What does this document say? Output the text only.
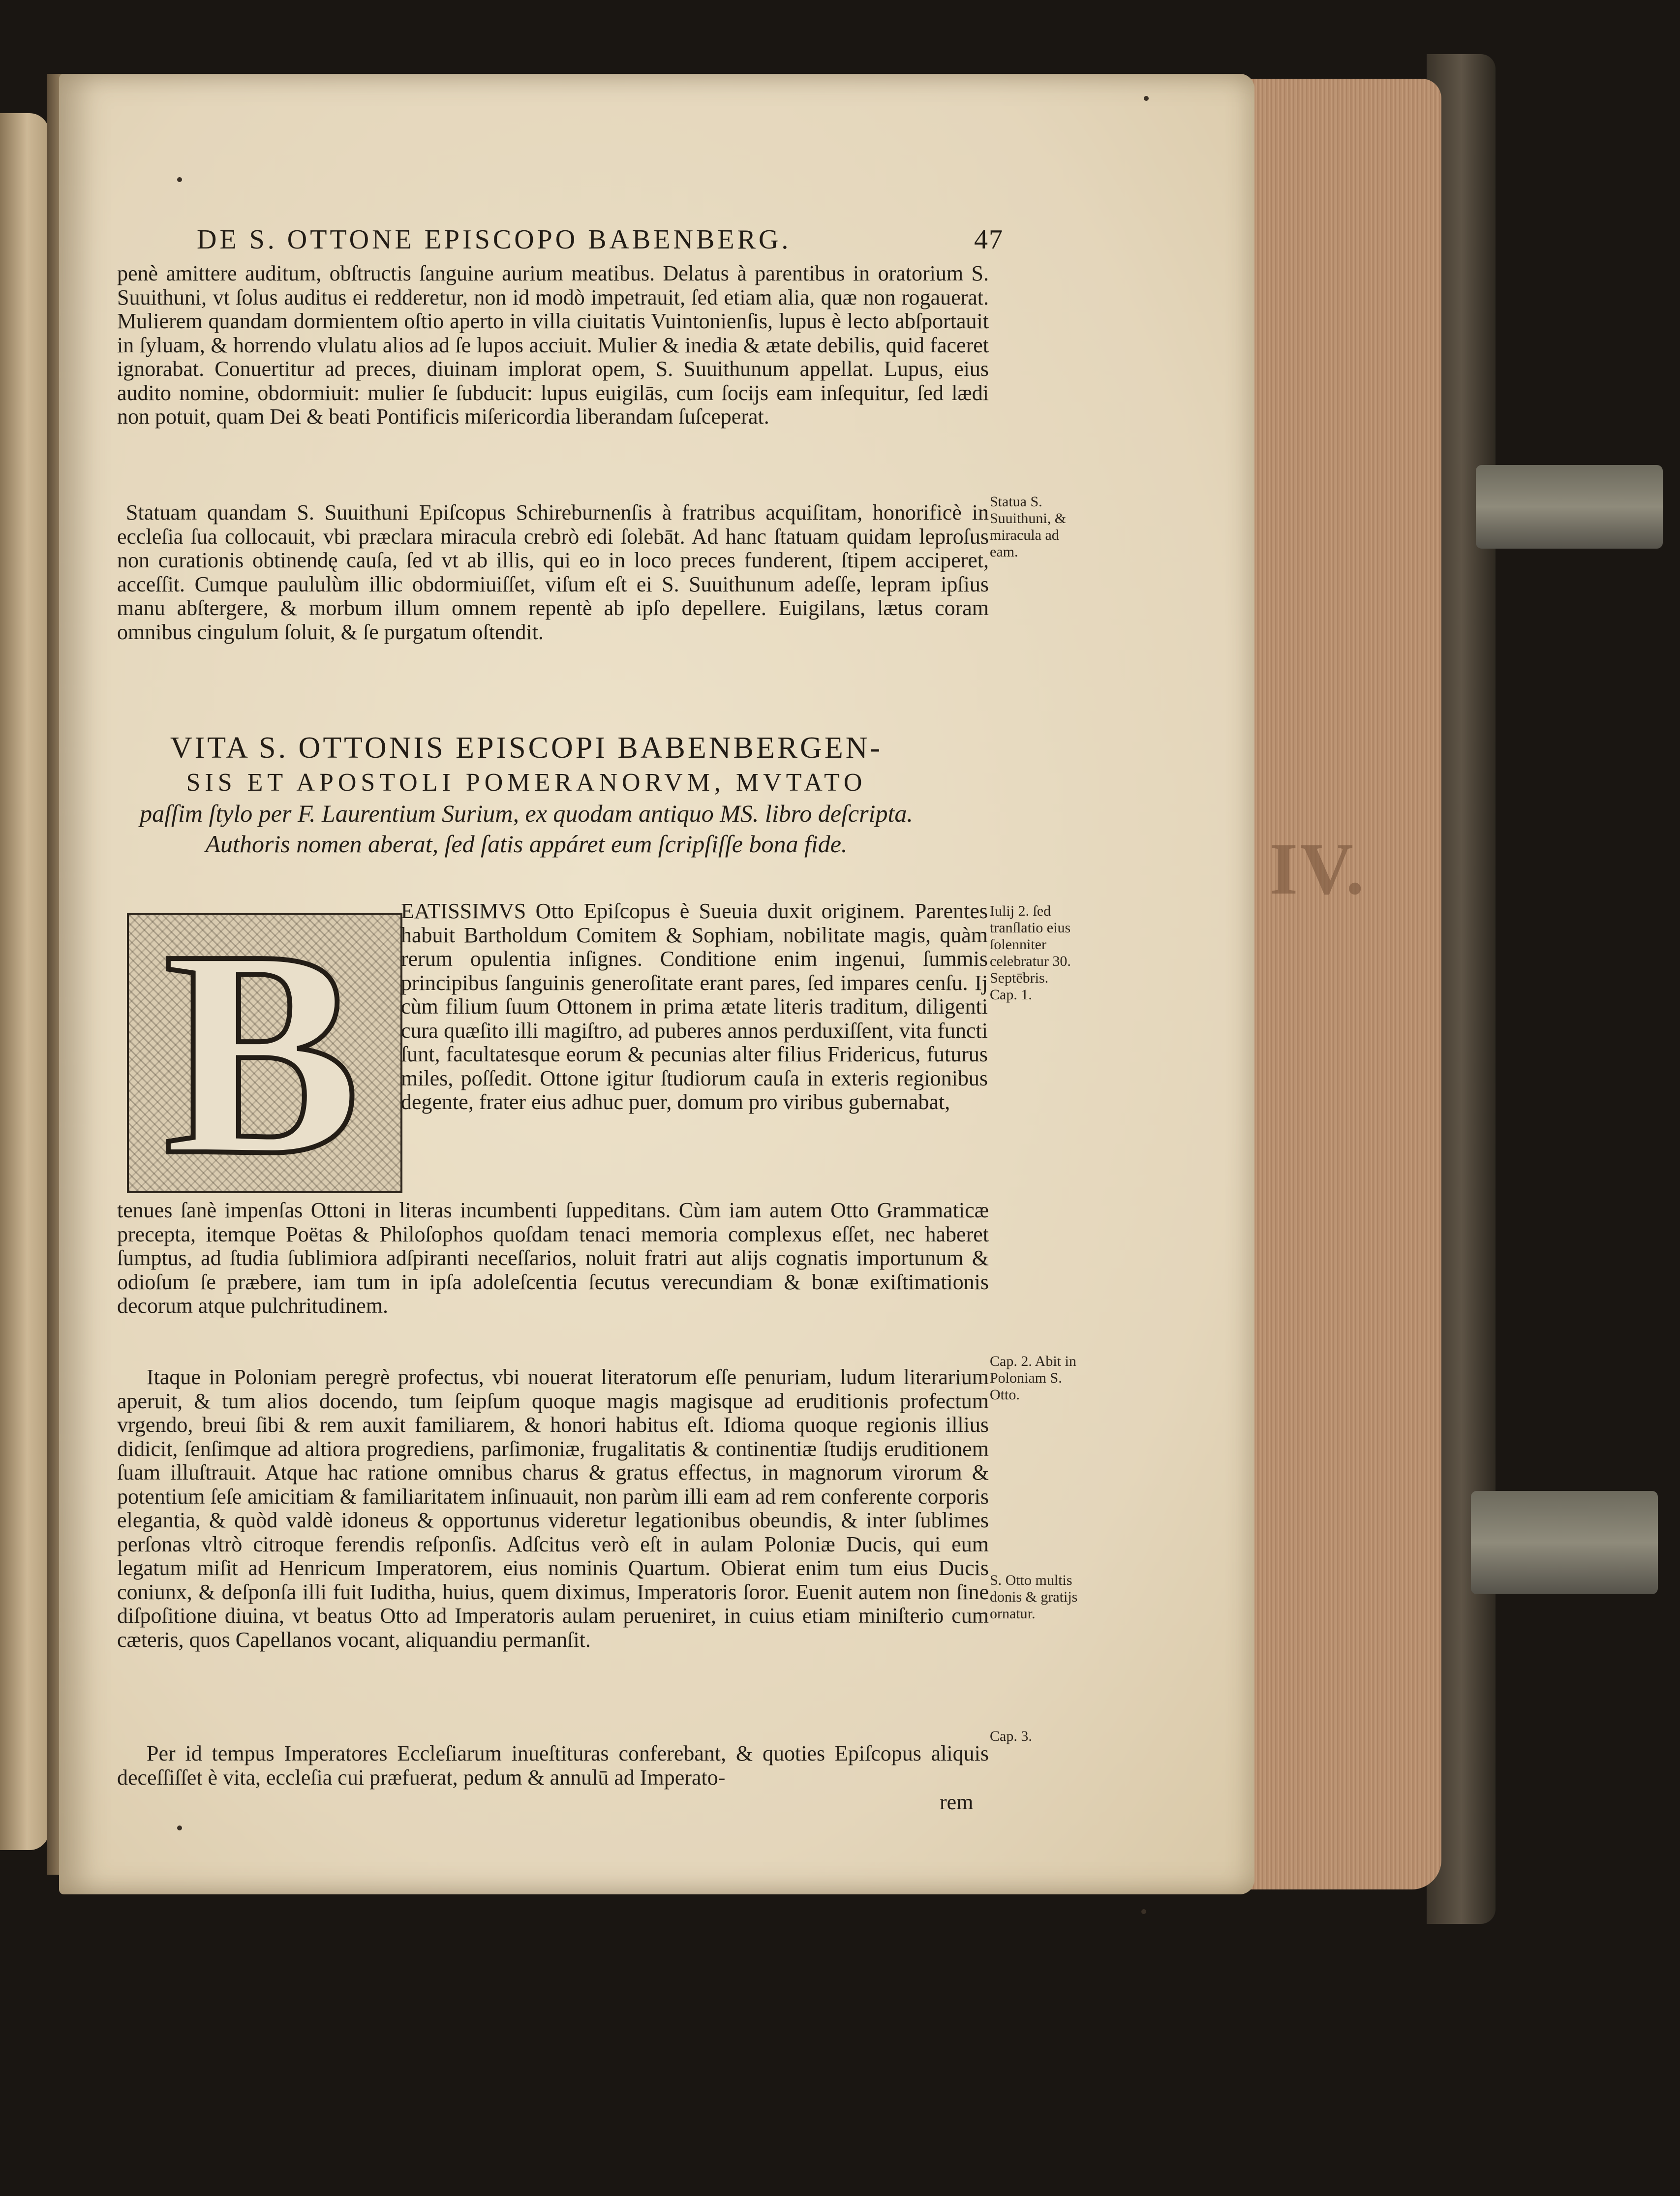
IV.
DE S. OTTONE EPISCOPO BABENBERG.	47
penè amittere auditum, obſtructis ſanguine aurium meatibus. Delatus à parentibus in oratorium S. Suuithuni, vt ſolus auditus ei redderetur, non id modò impetrauit, ſed etiam alia, quæ non rogauerat. Mulierem quandam dormientem oſtio aperto in villa ciuitatis Vuintonienſis, lupus è lecto abſportauit in ſyluam, & horrendo vlulatu alios ad ſe lupos acciuit. Mulier & inedia & ætate debilis, quid faceret ignorabat. Conuertitur ad preces, diuinam implorat opem, S. Suuithunum appellat. Lupus, eius audito nomine, obdormiuit: mulier ſe ſubducit: lupus euigilās, cum ſocijs eam inſequitur, ſed lædi non potuit, quam Dei & beati Pontificis miſericordia liberandam ſuſceperat.
Statuam quandam S. Suuithuni Epiſcopus Schireburnenſis à fratribus acquiſitam, honorificè in eccleſia ſua collocauit, vbi præclara miracula crebrò edi ſolebāt. Ad hanc ſtatuam quidam leproſus non curationis obtinendę cauſa, ſed vt ab illis, qui eo in loco preces funderent, ſtipem acciperet, acceſſit. Cumque paululùm illic obdormiuiſſet, viſum eſt ei S. Suuithunum adeſſe, lepram ipſius manu abſtergere, & morbum illum omnem repentè ab ipſo depellere. Euigilans, lætus coram omnibus cingulum ſoluit, & ſe purgatum oſtendit.
VITA S. OTTONIS EPISCOPI BABENBERGEN-
SIS ET APOSTOLI POMERANORVM, MVTATO
paſſim ſtylo per F. Laurentium Surium, ex quodam antiquo MS. libro deſcripta. Authoris nomen aberat, ſed ſatis appáret eum ſcripſiſſe bona fide.
B EATISSIMVS Otto Epiſcopus è Sueuia duxit originem. Parentes habuit Bartholdum Comitem & Sophiam, nobilitate magis, quàm rerum opulentia inſignes. Conditione enim ingenui, ſummis principibus ſanguinis generoſitate erant pares, ſed impares cenſu. Ij cùm filium ſuum Ottonem in prima ætate literis traditum, diligenti cura quæſito illi magiſtro, ad puberes annos perduxiſſent, vita functi ſunt, facultatesque eorum & pecunias alter filius Fridericus, futurus miles, poſſedit. Ottone igitur ſtudiorum cauſa in exteris regionibus degente, frater eius adhuc puer, domum pro viribus gubernabat,
tenues ſanè impenſas Ottoni in literas incumbenti ſuppeditans. Cùm iam autem Otto Grammaticæ precepta, itemque Poëtas & Philoſophos quoſdam tenaci memoria complexus eſſet, nec haberet ſumptus, ad ſtudia ſublimiora adſpiranti neceſſarios, noluit fratri aut alijs cognatis importunum & odioſum ſe præbere, iam tum in ipſa adoleſcentia ſecutus verecundiam & bonæ exiſtimationis decorum atque pulchritudinem.
Itaque in Poloniam peregrè profectus, vbi nouerat literatorum eſſe penuriam, ludum literarium aperuit, & tum alios docendo, tum ſeipſum quoque magis magisque ad eruditionis profectum vrgendo, breui ſibi & rem auxit familiarem, & honori habitus eſt. Idioma quoque regionis illius didicit, ſenſimque ad altiora progrediens, parſimoniæ, frugalitatis & continentiæ ſtudijs eruditionem ſuam illuſtrauit. Atque hac ratione omnibus charus & gratus effectus, in magnorum virorum & potentium ſeſe amicitiam & familiaritatem inſinuauit, non parùm illi eam ad rem conferente corporis elegantia, & quòd valdè idoneus & opportunus videretur legationibus obeundis, & inter ſublimes perſonas vltrò citroque ferendis reſponſis. Adſcitus verò eſt in aulam Poloniæ Ducis, qui eum legatum miſit ad Henricum Imperatorem, eius nominis Quartum. Obierat enim tum eius Ducis coniunx, & deſponſa illi fuit Iuditha, huius, quem diximus, Imperatoris ſoror. Euenit autem non ſine diſpoſitione diuina, vt beatus Otto ad Imperatoris aulam perueniret, in cuius etiam miniſterio cum cæteris, quos Capellanos vocant, aliquandiu permanſit.
Per id tempus Imperatores Eccleſiarum inueſtituras conferebant, & quoties Epiſcopus aliquis deceſſiſſet è vita, eccleſia cui præfuerat, pedum & annulū ad Imperato-
rem
Statua S. Suuithuni, & miracula ad eam.
Iulij 2. ſed tranſlatio eius ſolenniter celebratur 30. Septēbris. Cap. 1.
Cap. 2. Abit in Poloniam S. Otto.
S. Otto multis donis & gratijs ornatur.
Cap. 3.
